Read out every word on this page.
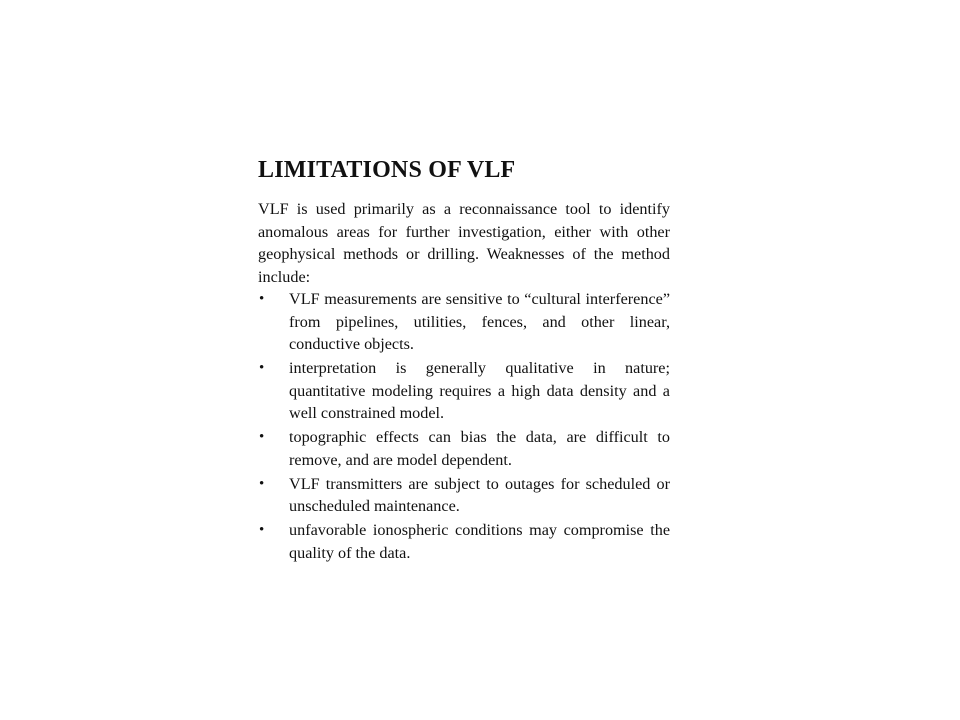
LIMITATIONS OF VLF

VLF is used primarily as a reconnaissance tool to identify anomalous areas for further investigation, either with other geophysical methods or drilling. Weaknesses of the method include:

• VLF measurements are sensitive to “cultural interference” from pipelines, utilities, fences, and other linear, conductive objects.
• interpretation is generally qualitative in nature; quantitative modeling requires a high data density and a well constrained model.
• topographic effects can bias the data, are difficult to remove, and are model dependent.
• VLF transmitters are subject to outages for scheduled or unscheduled maintenance.
• unfavorable ionospheric conditions may compromise the quality of the data.
